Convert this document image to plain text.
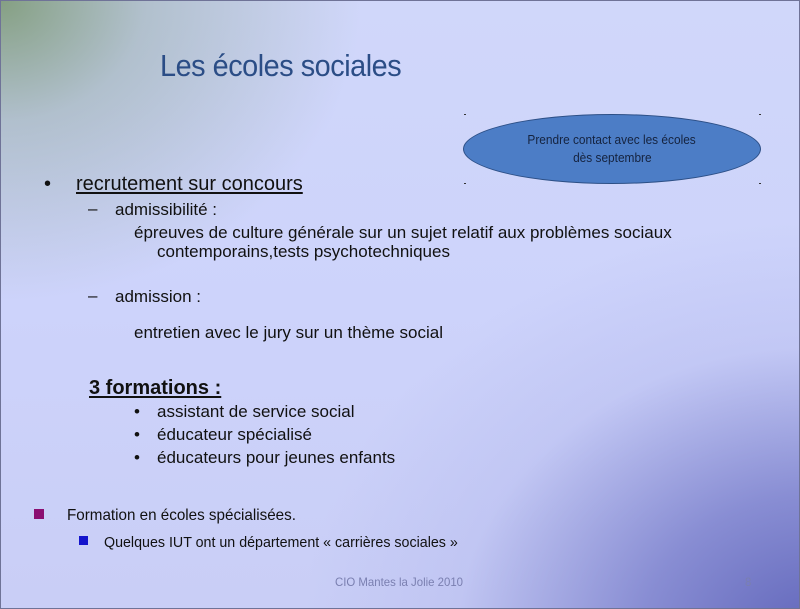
Les écoles sociales
Prendre contact avec les écoles
dès septembre
• recrutement sur concours
– admissibilité :
épreuves de culture générale sur un sujet relatif aux problèmes sociaux
contemporains,tests psychotechniques
– admission :
entretien avec le jury sur un thème social
3 formations :
• assistant de service social
• éducateur spécialisé
• éducateurs pour jeunes enfants
Formation en écoles spécialisées.
Quelques IUT ont un département « carrières sociales »
CIO Mantes la Jolie 2010	8
